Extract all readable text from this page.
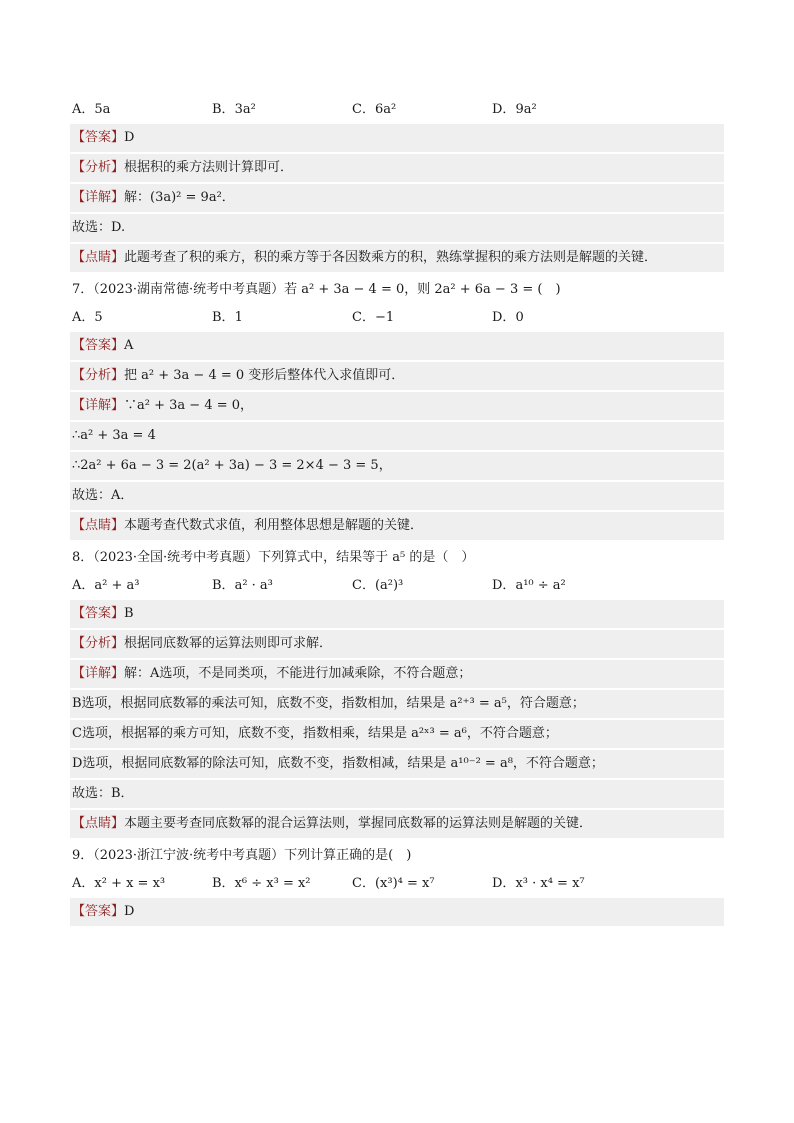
A．5a	B．3a²	C．6a²	D．9a²
【答案】D
【分析】根据积的乘方法则计算即可．
【详解】解：(3a)² = 9a²．
故选：D.
【点睛】此题考查了积的乘方，积的乘方等于各因数乘方的积，熟练掌握积的乘方法则是解题的关键．
7．（2023·湖南常德·统考中考真题）若 a² + 3a − 4 = 0，则 2a² + 6a − 3 = (　)
A．5	B．1	C．−1	D．0
【答案】A
【分析】把 a² + 3a − 4 = 0 变形后整体代入求值即可．
【详解】∵a² + 3a − 4 = 0，
∴a² + 3a = 4
∴2a² + 6a − 3 = 2(a² + 3a) − 3 = 2×4 − 3 = 5，
故选：A．
【点睛】本题考查代数式求值，利用整体思想是解题的关键．
8．（2023·全国·统考中考真题）下列算式中，结果等于 a⁵ 的是（　）
A．a² + a³	B．a² · a³	C．(a²)³	D．a¹⁰ ÷ a²
【答案】B
【分析】根据同底数幂的运算法则即可求解．
【详解】解：A选项，不是同类项，不能进行加减乘除，不符合题意；
B选项，根据同底数幂的乘法可知，底数不变，指数相加，结果是 a²⁺³ = a⁵，符合题意；
C选项，根据幂的乘方可知，底数不变，指数相乘，结果是 a²ˣ³ = a⁶，不符合题意；
D选项，根据同底数幂的除法可知，底数不变，指数相减，结果是 a¹⁰⁻² = a⁸，不符合题意；
故选：B．
【点睛】本题主要考查同底数幂的混合运算法则，掌握同底数幂的运算法则是解题的关键．
9．（2023·浙江宁波·统考中考真题）下列计算正确的是(　)
A．x² + x = x³	B．x⁶ ÷ x³ = x²	C．(x³)⁴ = x⁷	D．x³ · x⁴ = x⁷
【答案】D
